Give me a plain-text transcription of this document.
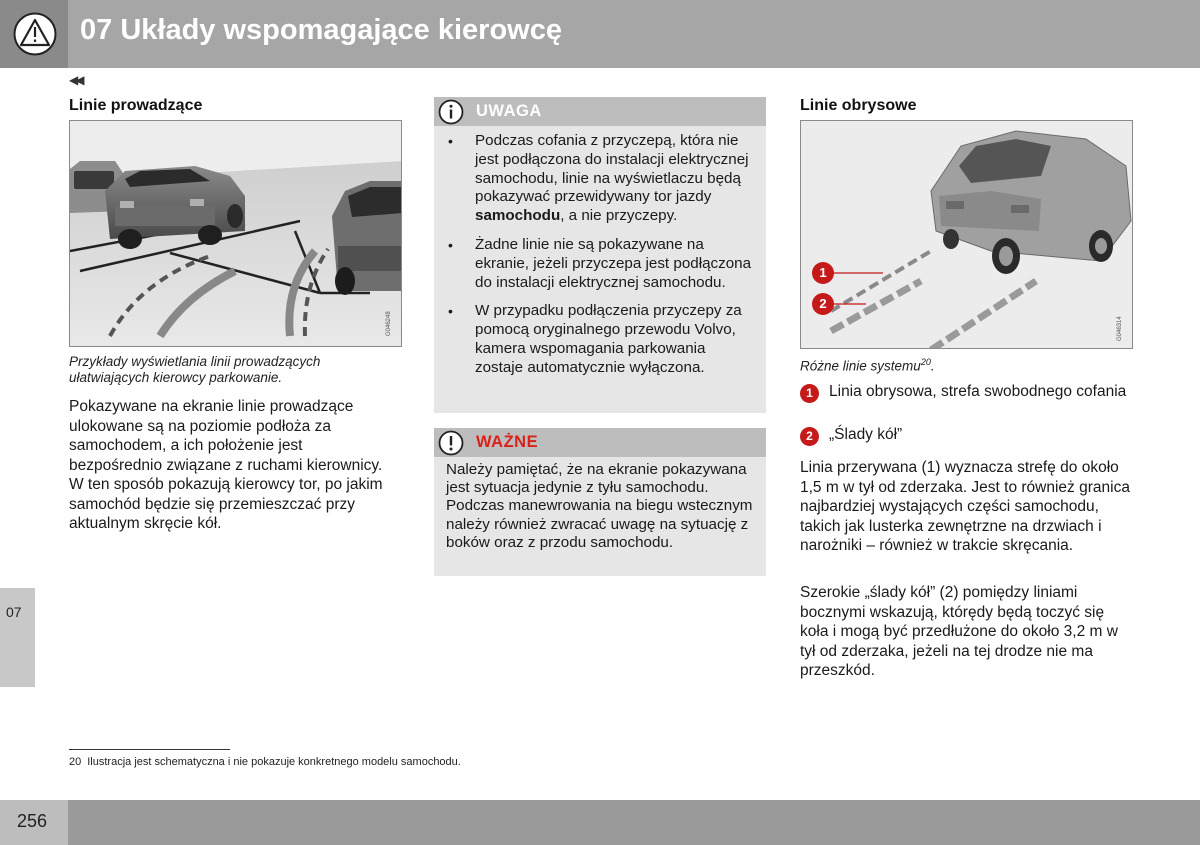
07 Układy wspomagające kierowcę
◀◀
07
Linie prowadzące
G046248
Przykłady wyświetlania linii prowadzących ułatwiających kierowcy parkowanie.
Pokazywane na ekranie linie prowadzące ulokowane są na poziomie podłoża za samochodem, a ich położenie jest bezpośrednio związane z ruchami kierownicy. W ten sposób pokazują kierowcy tor, po jakim samochód będzie się przemieszczać przy aktualnym skręcie kół.
UWAGA
• Podczas cofania z przyczepą, która nie jest podłączona do instalacji elektrycznej samochodu, linie na wyświetlaczu będą pokazywać przewidywany tor jazdy samochodu, a nie przyczepy.
• Żadne linie nie są pokazywane na ekranie, jeżeli przyczepa jest podłączona do instalacji elektrycznej samochodu.
• W przypadku podłączenia przyczepy za pomocą oryginalnego przewodu Volvo, kamera wspomagania parkowania zostaje automatycznie wyłączona.
WAŻNE
Należy pamiętać, że na ekranie pokazywana jest sytuacja jedynie z tyłu samochodu. Podczas manewrowania na biegu wstecznym należy również zwracać uwagę na sytuację z boków oraz z przodu samochodu.
Linie obrysowe
G046314
1
2
Różne linie systemu$^{20}$.
1	Linia obrysowa, strefa swobodnego cofania
2	„Ślady kół”
Linia przerywana (1) wyznacza strefę do około 1,5 m w tył od zderzaka. Jest to również granica najbardziej wystających części samochodu, takich jak lusterka zewnętrzne na drzwiach i narożniki – również w trakcie skręcania.
Szerokie „ślady kół” (2) pomiędzy liniami bocznymi wskazują, którędy będą toczyć się koła i mogą być przedłużone do około 3,2 m w tył od zderzaka, jeżeli na tej drodze nie ma przeszkód.
20 Ilustracja jest schematyczna i nie pokazuje konkretnego modelu samochodu.
256
